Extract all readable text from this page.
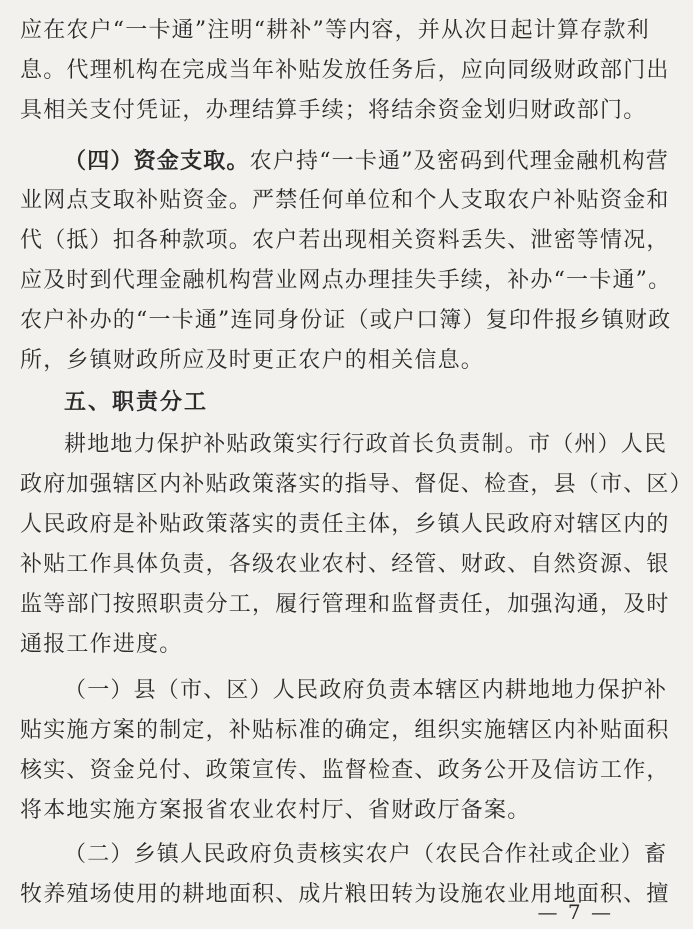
应在农户“一卡通”注明“耕补”等内容，并从次日起计算存款利
息。代理机构在完成当年补贴发放任务后，应向同级财政部门出
具相关支付凭证，办理结算手续；将结余资金划归财政部门。
（四）资金支取。农户持“一卡通”及密码到代理金融机构营
业网点支取补贴资金。严禁任何单位和个人支取农户补贴资金和
代（抵）扣各种款项。农户若出现相关资料丢失、泄密等情况，
应及时到代理金融机构营业网点办理挂失手续，补办“一卡通”。
农户补办的“一卡通”连同身份证（或户口簿）复印件报乡镇财政
所，乡镇财政所应及时更正农户的相关信息。
五、职责分工
耕地地力保护补贴政策实行行政首长负责制。市（州）人民
政府加强辖区内补贴政策落实的指导、督促、检查，县（市、区）
人民政府是补贴政策落实的责任主体，乡镇人民政府对辖区内的
补贴工作具体负责，各级农业农村、经管、财政、自然资源、银
监等部门按照职责分工，履行管理和监督责任，加强沟通，及时
通报工作进度。
（一）县（市、区）人民政府负责本辖区内耕地地力保护补
贴实施方案的制定，补贴标准的确定，组织实施辖区内补贴面积
核实、资金兑付、政策宣传、监督检查、政务公开及信访工作，
将本地实施方案报省农业农村厅、省财政厅备案。
（二）乡镇人民政府负责核实农户（农民合作社或企业）畜
牧养殖场使用的耕地面积、成片粮田转为设施农业用地面积、擅
— 7 —
